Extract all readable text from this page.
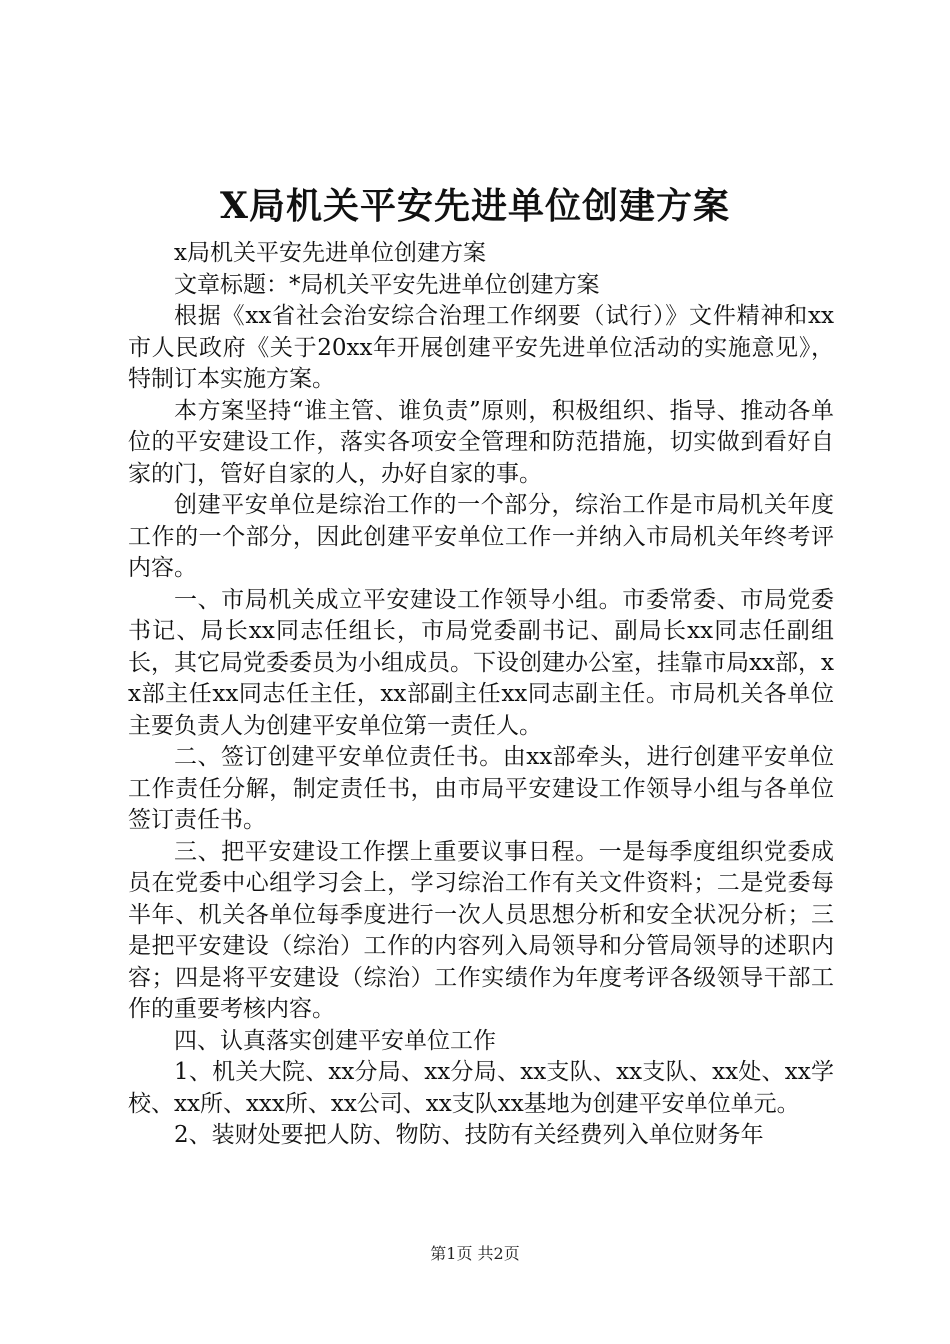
X局机关平安先进单位创建方案

x局机关平安先进单位创建方案

文章标题：*局机关平安先进单位创建方案

根据《xx省社会治安综合治理工作纲要（试行）》文件精神和xx市人民政府《关于20xx年开展创建平安先进单位活动的实施意见》，特制订本实施方案。

本方案坚持“谁主管、谁负责”原则，积极组织、指导、推动各单位的平安建设工作，落实各项安全管理和防范措施，切实做到看好自家的门，管好自家的人，办好自家的事。

创建平安单位是综治工作的一个部分，综治工作是市局机关年度工作的一个部分，因此创建平安单位工作一并纳入市局机关年终考评内容。

一、市局机关成立平安建设工作领导小组。市委常委、市局党委书记、局长xx同志任组长，市局党委副书记、副局长xx同志任副组长，其它局党委委员为小组成员。下设创建办公室，挂靠市局xx部，xx部主任xx同志任主任，xx部副主任xx同志副主任。市局机关各单位主要负责人为创建平安单位第一责任人。

二、签订创建平安单位责任书。由xx部牵头，进行创建平安单位工作责任分解，制定责任书，由市局平安建设工作领导小组与各单位签订责任书。

三、把平安建设工作摆上重要议事日程。一是每季度组织党委成员在党委中心组学习会上，学习综治工作有关文件资料；二是党委每半年、机关各单位每季度进行一次人员思想分析和安全状况分析；三是把平安建设（综治）工作的内容列入局领导和分管局领导的述职内容；四是将平安建设（综治）工作实绩作为年度考评各级领导干部工作的重要考核内容。

四、认真落实创建平安单位工作

1、机关大院、xx分局、xx分局、xx支队、xx支队、xx处、xx学校、xx所、xxx所、xx公司、xx支队xx基地为创建平安单位单元。

2、装财处要把人防、物防、技防有关经费列入单位财务年

第1页 共2页
